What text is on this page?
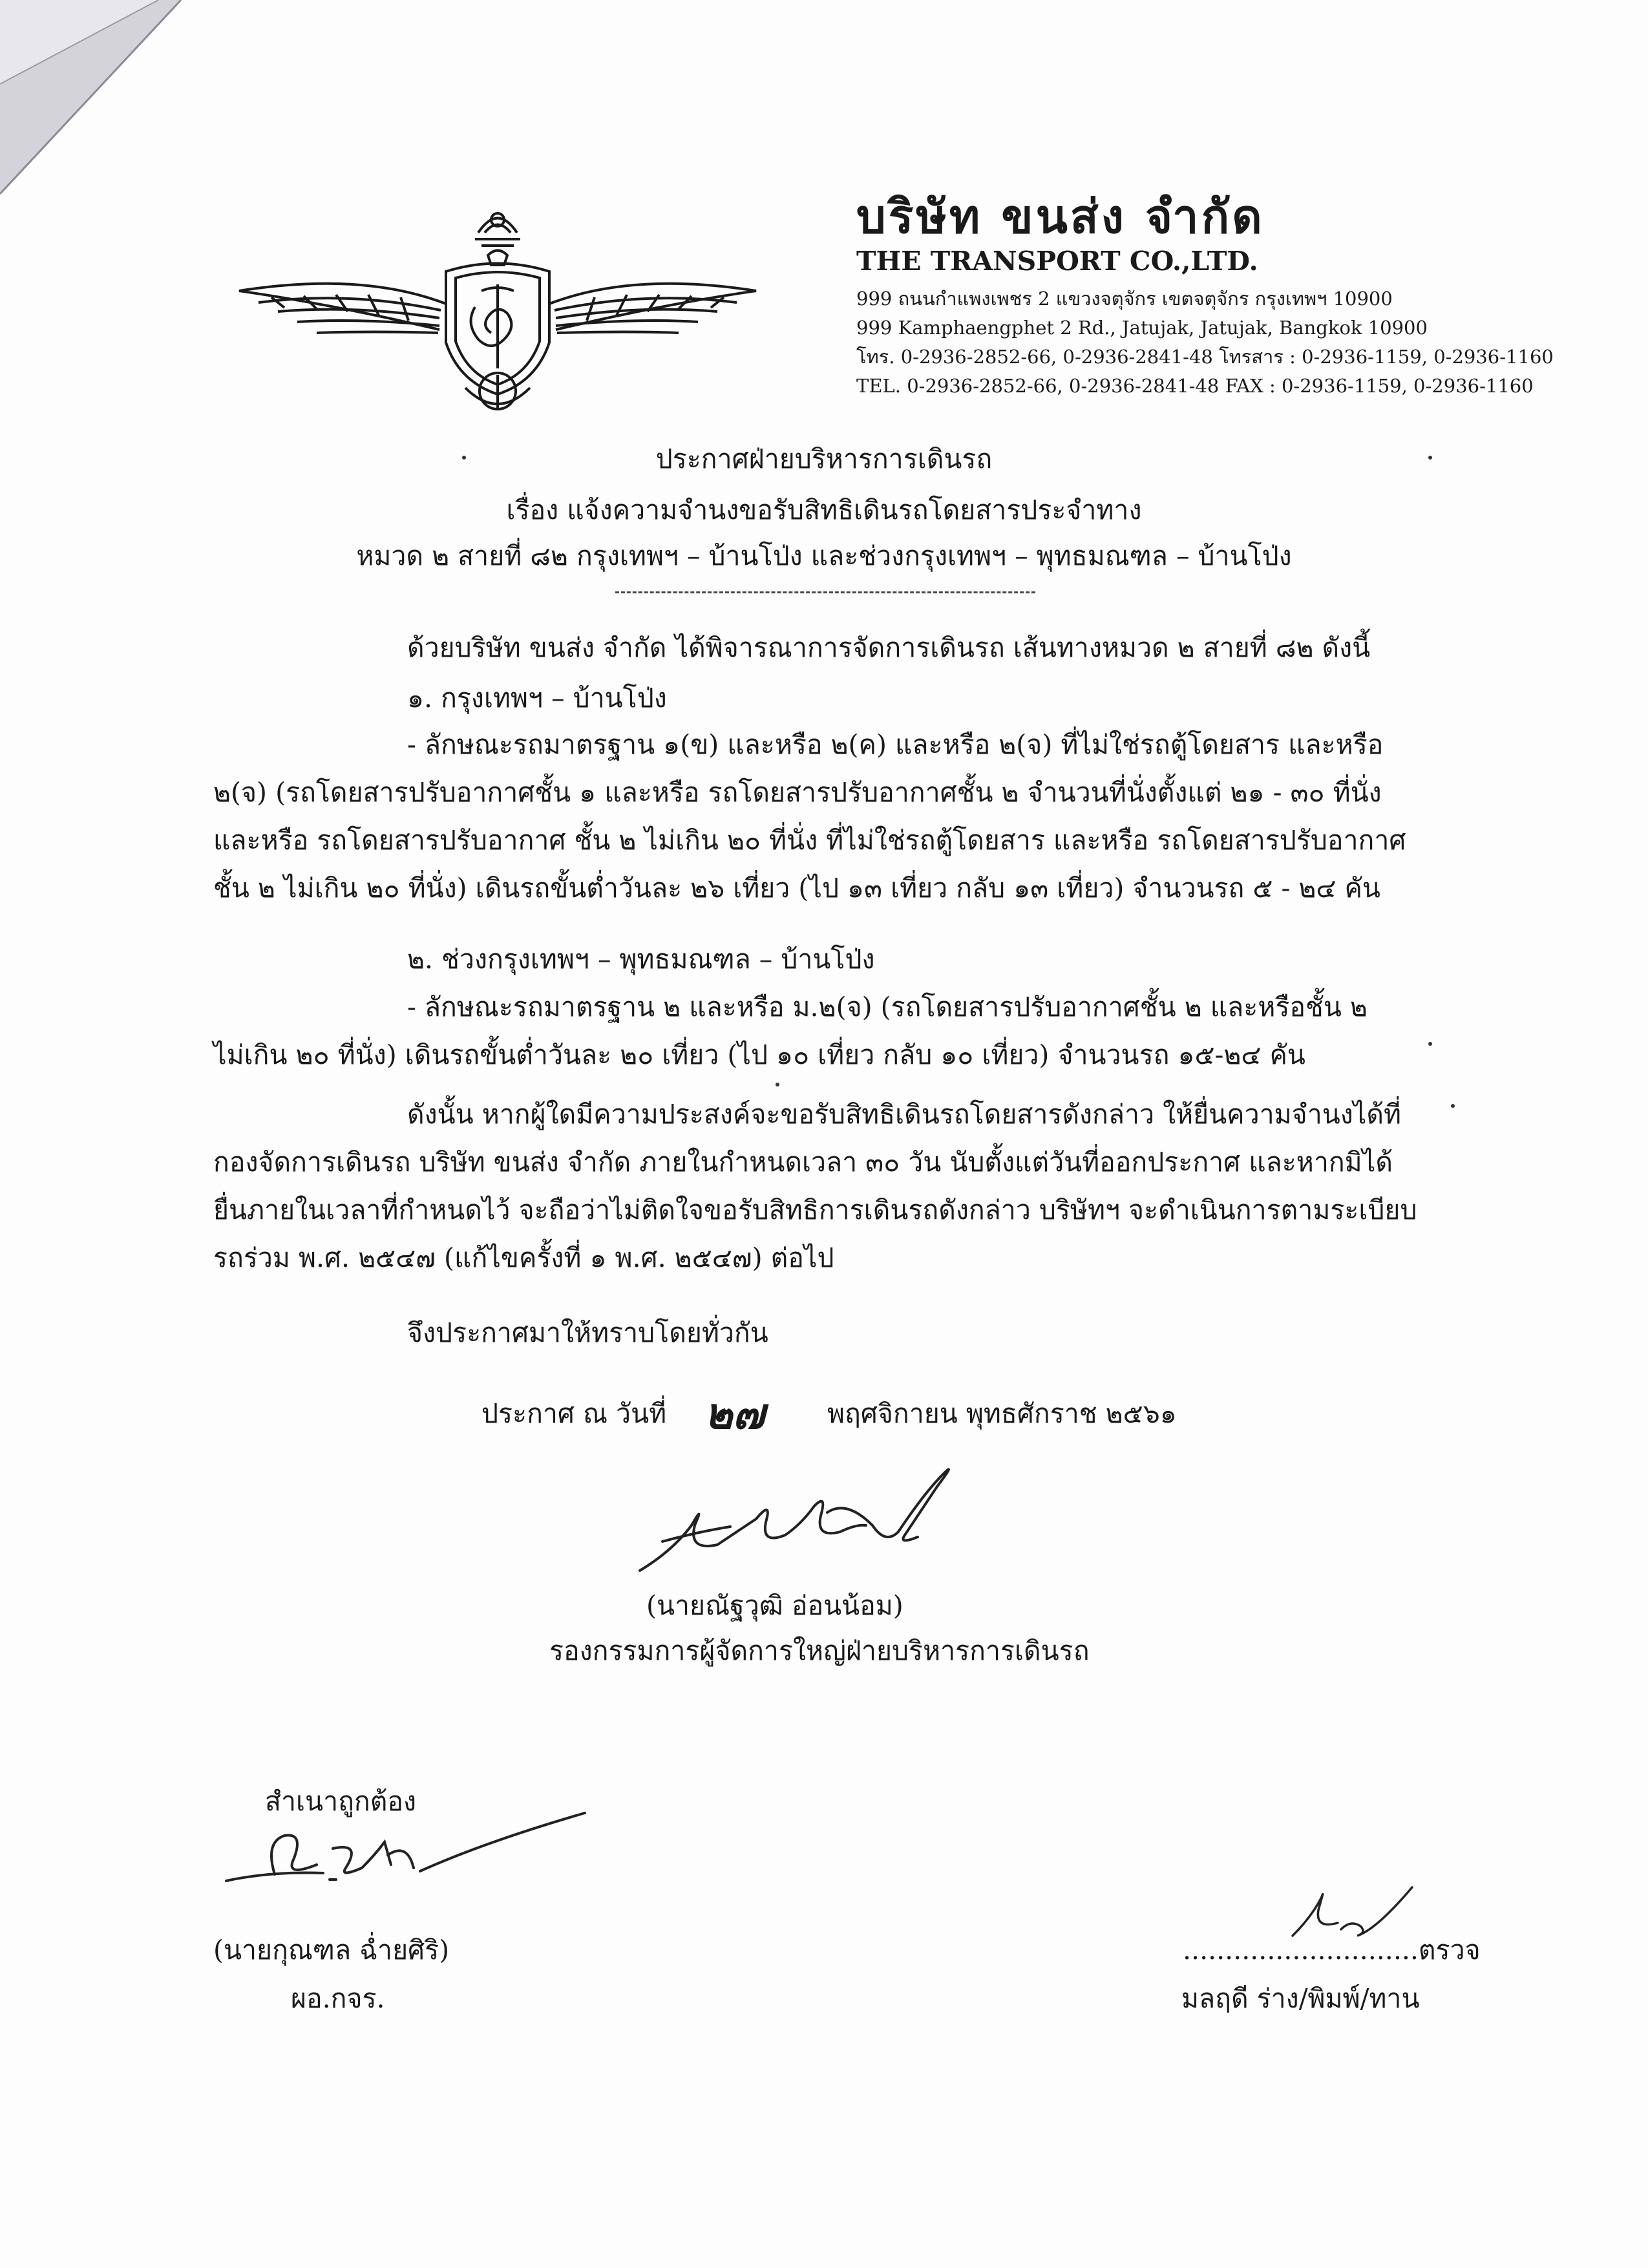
บริษัท ขนส่ง จำกัด
THE TRANSPORT CO.,LTD.
999 ถนนกำแพงเพชร 2 แขวงจตุจักร เขตจตุจักร กรุงเทพฯ 10900
999 Kamphaengphet 2 Rd., Jatujak, Jatujak, Bangkok 10900
โทร. 0-2936-2852-66, 0-2936-2841-48 โทรสาร : 0-2936-1159, 0-2936-1160
TEL. 0-2936-2852-66, 0-2936-2841-48 FAX : 0-2936-1159, 0-2936-1160
ประกาศฝ่ายบริหารการเดินรถ
เรื่อง แจ้งความจำนงขอรับสิทธิเดินรถโดยสารประจำทาง
หมวด ๒ สายที่ ๘๒ กรุงเทพฯ – บ้านโป่ง และช่วงกรุงเทพฯ – พุทธมณฑล – บ้านโป่ง
ด้วยบริษัท ขนส่ง จำกัด ได้พิจารณาการจัดการเดินรถ เส้นทางหมวด ๒ สายที่ ๘๒ ดังนี้
๑. กรุงเทพฯ – บ้านโป่ง
- ลักษณะรถมาตรฐาน ๑(ข) และหรือ ๒(ค) และหรือ ๒(จ) ที่ไม่ใช่รถตู้โดยสาร และหรือ
๒(จ) (รถโดยสารปรับอากาศชั้น ๑ และหรือ รถโดยสารปรับอากาศชั้น ๒ จำนวนที่นั่งตั้งแต่ ๒๑ - ๓๐ ที่นั่ง
และหรือ รถโดยสารปรับอากาศ ชั้น ๒ ไม่เกิน ๒๐ ที่นั่ง ที่ไม่ใช่รถตู้โดยสาร และหรือ รถโดยสารปรับอากาศ
ชั้น ๒ ไม่เกิน ๒๐ ที่นั่ง) เดินรถขั้นต่ำวันละ ๒๖ เที่ยว (ไป ๑๓ เที่ยว กลับ ๑๓ เที่ยว) จำนวนรถ ๕ - ๒๔ คัน
๒. ช่วงกรุงเทพฯ – พุทธมณฑล – บ้านโป่ง
- ลักษณะรถมาตรฐาน ๒ และหรือ ม.๒(จ) (รถโดยสารปรับอากาศชั้น ๒ และหรือชั้น ๒
ไม่เกิน ๒๐ ที่นั่ง) เดินรถขั้นต่ำวันละ ๒๐ เที่ยว (ไป ๑๐ เที่ยว กลับ ๑๐ เที่ยว) จำนวนรถ ๑๕-๒๔ คัน
ดังนั้น หากผู้ใดมีความประสงค์จะขอรับสิทธิเดินรถโดยสารดังกล่าว ให้ยื่นความจำนงได้ที่
กองจัดการเดินรถ บริษัท ขนส่ง จำกัด ภายในกำหนดเวลา ๓๐ วัน นับตั้งแต่วันที่ออกประกาศ และหากมิได้
ยื่นภายในเวลาที่กำหนดไว้ จะถือว่าไม่ติดใจขอรับสิทธิการเดินรถดังกล่าว บริษัทฯ จะดำเนินการตามระเบียบ
รถร่วม พ.ศ. ๒๕๔๗ (แก้ไขครั้งที่ ๑ พ.ศ. ๒๕๔๗) ต่อไป
จึงประกาศมาให้ทราบโดยทั่วกัน
ประกาศ ณ วันที่ ๒๗ พฤศจิกายน พุทธศักราช ๒๕๖๑
(นายณัฐวุฒิ อ่อนน้อม)
รองกรรมการผู้จัดการใหญ่ฝ่ายบริหารการเดินรถ
สำเนาถูกต้อง
(นายกุณฑล ฉ่ำยศิริ)
ผอ.กจร.
............................ตรวจ
มลฤดี ร่าง/พิมพ์/ทาน
